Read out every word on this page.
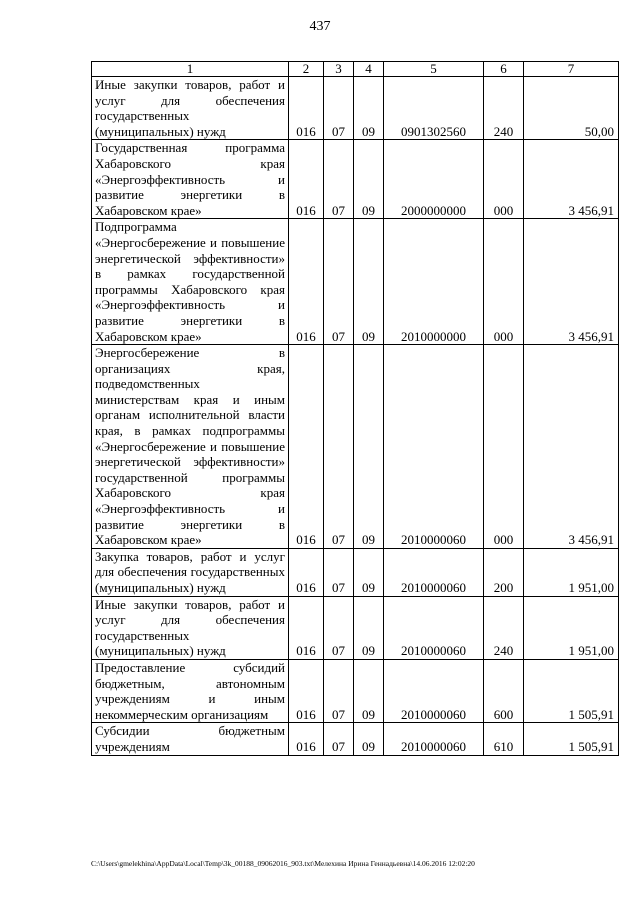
437
1	2	3	4	5	6	7

Иные закупки товаров, работ и услуг для обеспечения государственных (муниципальных) нужд	016	07	09	0901302560	240	50,00

Государственная программа Хабаровского края «Энергоэффективность и развитие энергетики в Хабаровском крае»	016	07	09	2000000000	000	3 456,91

Подпрограмма «Энергосбережение и повышение энергетической эффективности» в рамках государственной программы Хабаровского края «Энергоэффективность и развитие энергетики в Хабаровском крае»	016	07	09	2010000000	000	3 456,91

Энергосбережение в организациях края, подведомственных министерствам края и иным органам исполнительной власти края, в рамках подпрограммы «Энергосбережение и повышение энергетической эффективности» государственной программы Хабаровского края «Энергоэффективность и развитие энергетики в Хабаровском крае»	016	07	09	2010000060	000	3 456,91

Закупка товаров, работ и услуг для обеспечения государственных (муниципальных) нужд	016	07	09	2010000060	200	1 951,00

Иные закупки товаров, работ и услуг для обеспечения государственных (муниципальных) нужд	016	07	09	2010000060	240	1 951,00

Предоставление субсидий бюджетным, автономным учреждениям и иным некоммерческим организациям	016	07	09	2010000060	600	1 505,91

Субсидии бюджетным учреждениям	016	07	09	2010000060	610	1 505,91
C:\Users\gmelekhina\AppData\Local\Temp\3k_00188_09062016_903.txt\Мелехина Ирина Геннадьевна\14.06.2016 12:02:20
